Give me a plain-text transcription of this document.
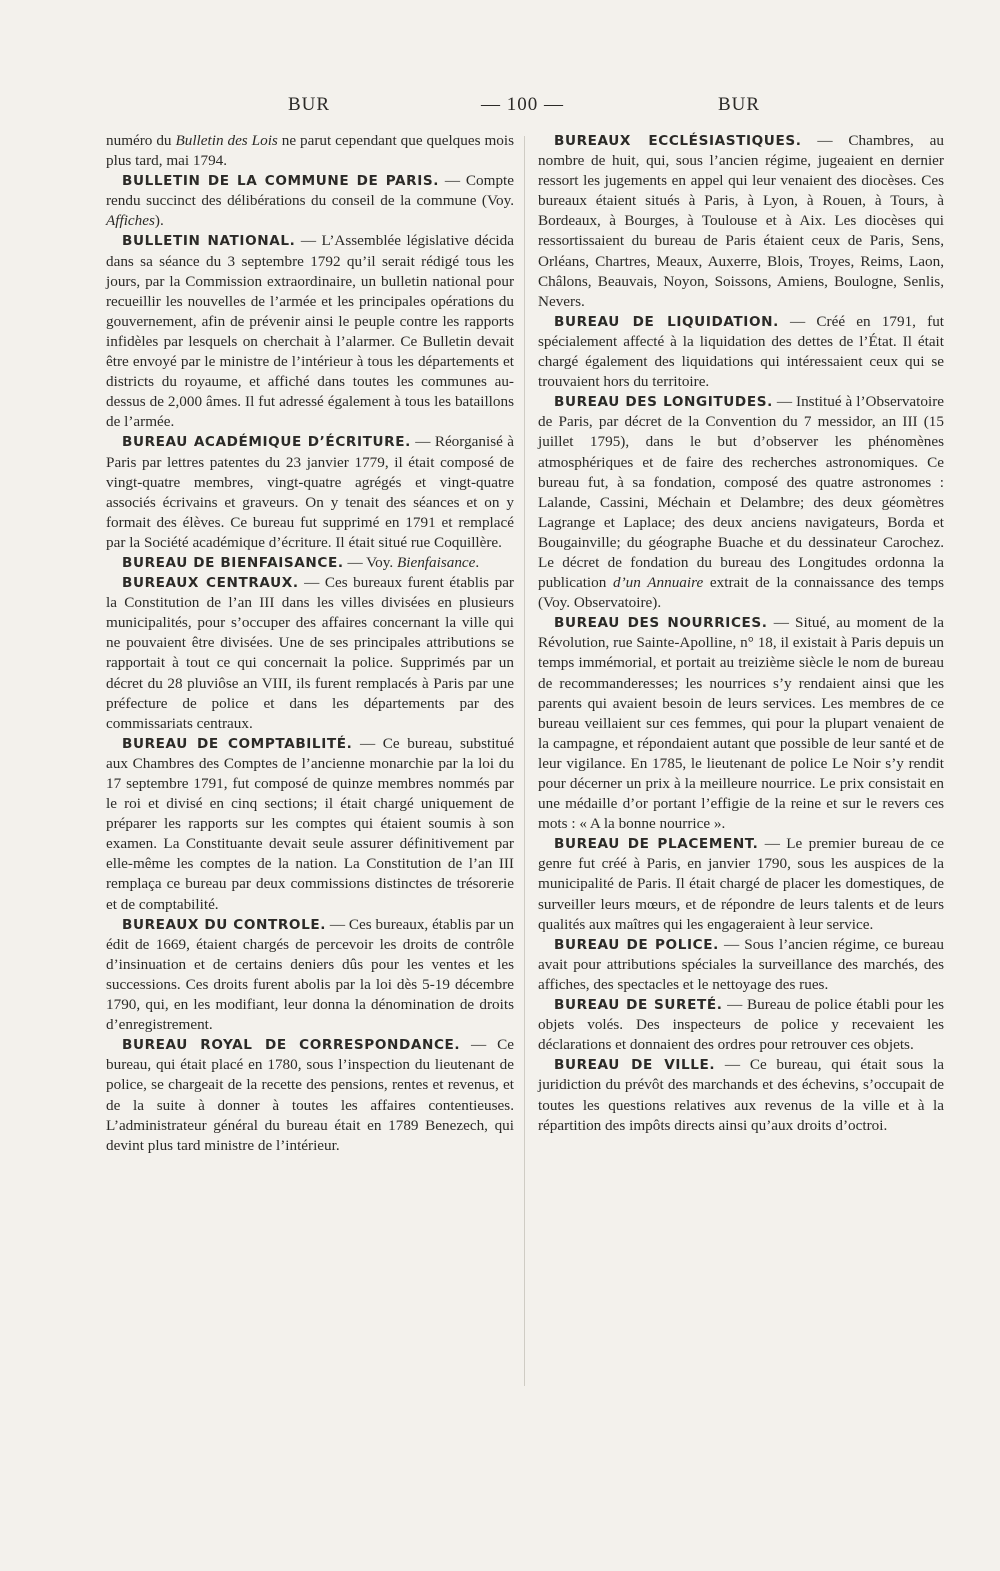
BUR	— 100 —	BUR

numéro du Bulletin des Lois ne parut cependant que quelques mois plus tard, mai 1794.

BULLETIN DE LA COMMUNE DE PARIS. — Compte rendu succinct des délibérations du conseil de la commune (Voy. Affiches).

BULLETIN NATIONAL. — L’Assemblée législative décida dans sa séance du 3 septembre 1792 qu’il serait rédigé tous les jours, par la Commission extraordinaire, un bulletin national pour recueillir les nouvelles de l’armée et les principales opérations du gouvernement, afin de prévenir ainsi le peuple contre les rapports infidèles par lesquels on cherchait à l’alarmer. Ce Bulletin devait être envoyé par le ministre de l’intérieur à tous les départements et districts du royaume, et affiché dans toutes les communes au-dessus de 2,000 âmes. Il fut adressé également à tous les bataillons de l’armée.

BUREAU ACADÉMIQUE D’ÉCRITURE. — Réorganisé à Paris par lettres patentes du 23 janvier 1779, il était composé de vingt-quatre membres, vingt-quatre agrégés et vingt-quatre associés écrivains et graveurs. On y tenait des séances et on y formait des élèves. Ce bureau fut supprimé en 1791 et remplacé par la Société académique d’écriture. Il était situé rue Coquillère.

BUREAU DE BIENFAISANCE. — Voy. Bienfaisance.

BUREAUX CENTRAUX. — Ces bureaux furent établis par la Constitution de l’an III dans les villes divisées en plusieurs municipalités, pour s’occuper des affaires concernant la ville qui ne pouvaient être divisées. Une de ses principales attributions se rapportait à tout ce qui concernait la police. Supprimés par un décret du 28 pluviôse an VIII, ils furent remplacés à Paris par une préfecture de police et dans les départements par des commissariats centraux.

BUREAU DE COMPTABILITÉ. — Ce bureau, substitué aux Chambres des Comptes de l’ancienne monarchie par la loi du 17 septembre 1791, fut composé de quinze membres nommés par le roi et divisé en cinq sections; il était chargé uniquement de préparer les rapports sur les comptes qui étaient soumis à son examen. La Constituante devait seule assurer définitivement par elle-même les comptes de la nation. La Constitution de l’an III remplaça ce bureau par deux commissions distinctes de trésorerie et de comptabilité.

BUREAUX DU CONTROLE. — Ces bureaux, établis par un édit de 1669, étaient chargés de percevoir les droits de contrôle d’insinuation et de certains deniers dûs pour les ventes et les successions. Ces droits furent abolis par la loi dès 5-19 décembre 1790, qui, en les modifiant, leur donna la dénomination de droits d’enregistrement.

BUREAU ROYAL DE CORRESPONDANCE. — Ce bureau, qui était placé en 1780, sous l’inspection du lieutenant de police, se chargeait de la recette des pensions, rentes et revenus, et de la suite à donner à toutes les affaires contentieuses. L’administrateur général du bureau était en 1789 Benezech, qui devint plus tard ministre de l’intérieur.

BUREAUX ECCLÉSIASTIQUES. — Chambres, au nombre de huit, qui, sous l’ancien régime, jugeaient en dernier ressort les jugements en appel qui leur venaient des diocèses. Ces bureaux étaient situés à Paris, à Lyon, à Rouen, à Tours, à Bordeaux, à Bourges, à Toulouse et à Aix. Les diocèses qui ressortissaient du bureau de Paris étaient ceux de Paris, Sens, Orléans, Chartres, Meaux, Auxerre, Blois, Troyes, Reims, Laon, Châlons, Beauvais, Noyon, Soissons, Amiens, Boulogne, Senlis, Nevers.

BUREAU DE LIQUIDATION. — Créé en 1791, fut spécialement affecté à la liquidation des dettes de l’État. Il était chargé également des liquidations qui intéressaient ceux qui se trouvaient hors du territoire.

BUREAU DES LONGITUDES. — Institué à l’Observatoire de Paris, par décret de la Convention du 7 messidor, an III (15 juillet 1795), dans le but d’observer les phénomènes atmosphériques et de faire des recherches astronomiques. Ce bureau fut, à sa fondation, composé des quatre astronomes : Lalande, Cassini, Méchain et Delambre; des deux géomètres Lagrange et Laplace; des deux anciens navigateurs, Borda et Bougainville; du géographe Buache et du dessinateur Carochez. Le décret de fondation du bureau des Longitudes ordonna la publication d’un Annuaire extrait de la connaissance des temps (Voy. Observatoire).

BUREAU DES NOURRICES. — Situé, au moment de la Révolution, rue Sainte-Apolline, n° 18, il existait à Paris depuis un temps immémorial, et portait au treizième siècle le nom de bureau de recommanderesses; les nourrices s’y rendaient ainsi que les parents qui avaient besoin de leurs services. Les membres de ce bureau veillaient sur ces femmes, qui pour la plupart venaient de la campagne, et répondaient autant que possible de leur santé et de leur vigilance. En 1785, le lieutenant de police Le Noir s’y rendit pour décerner un prix à la meilleure nourrice. Le prix consistait en une médaille d’or portant l’effigie de la reine et sur le revers ces mots : « A la bonne nourrice ».

BUREAU DE PLACEMENT. — Le premier bureau de ce genre fut créé à Paris, en janvier 1790, sous les auspices de la municipalité de Paris. Il était chargé de placer les domestiques, de surveiller leurs mœurs, et de répondre de leurs talents et de leurs qualités aux maîtres qui les engageraient à leur service.

BUREAU DE POLICE. — Sous l’ancien régime, ce bureau avait pour attributions spéciales la surveillance des marchés, des affiches, des spectacles et le nettoyage des rues.

BUREAU DE SURETÉ. — Bureau de police établi pour les objets volés. Des inspecteurs de police y recevaient les déclarations et donnaient des ordres pour retrouver ces objets.

BUREAU DE VILLE. — Ce bureau, qui était sous la juridiction du prévôt des marchands et des échevins, s’occupait de toutes les questions relatives aux revenus de la ville et à la répartition des impôts directs ainsi qu’aux droits d’octroi.
